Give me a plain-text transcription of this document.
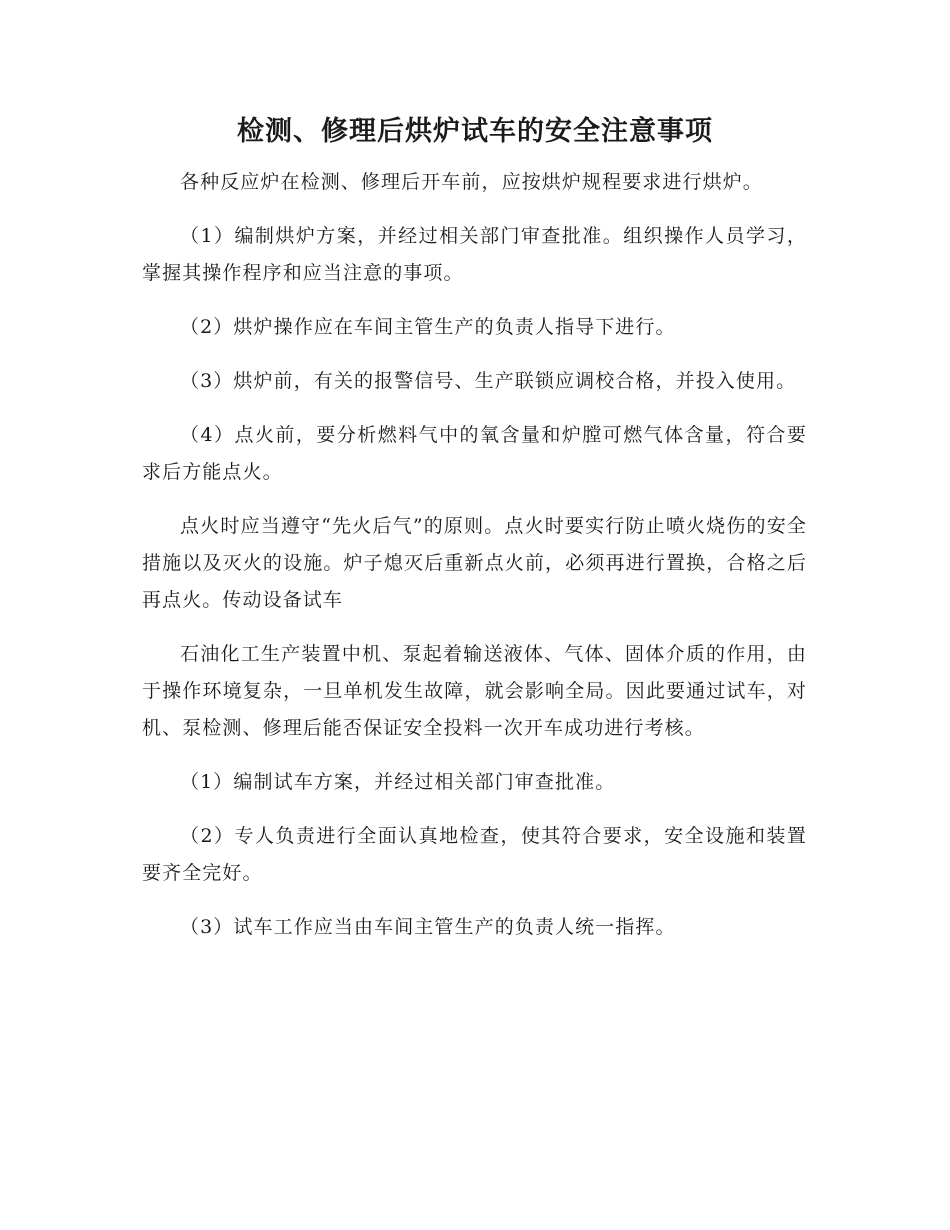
检测、修理后烘炉试车的安全注意事项

各种反应炉在检测、修理后开车前，应按烘炉规程要求进行烘炉。

（1）编制烘炉方案，并经过相关部门审查批准。组织操作人员学习，掌握其操作程序和应当注意的事项。

（2）烘炉操作应在车间主管生产的负责人指导下进行。

（3）烘炉前，有关的报警信号、生产联锁应调校合格，并投入使用。

（4）点火前，要分析燃料气中的氧含量和炉膛可燃气体含量，符合要求后方能点火。

点火时应当遵守“先火后气”的原则。点火时要实行防止喷火烧伤的安全措施以及灭火的设施。炉子熄灭后重新点火前，必须再进行置换，合格之后再点火。传动设备试车

石油化工生产装置中机、泵起着输送液体、气体、固体介质的作用，由于操作环境复杂，一旦单机发生故障，就会影响全局。因此要通过试车，对机、泵检测、修理后能否保证安全投料一次开车成功进行考核。

（1）编制试车方案，并经过相关部门审查批准。

（2）专人负责进行全面认真地检查，使其符合要求，安全设施和装置要齐全完好。

（3）试车工作应当由车间主管生产的负责人统一指挥。
